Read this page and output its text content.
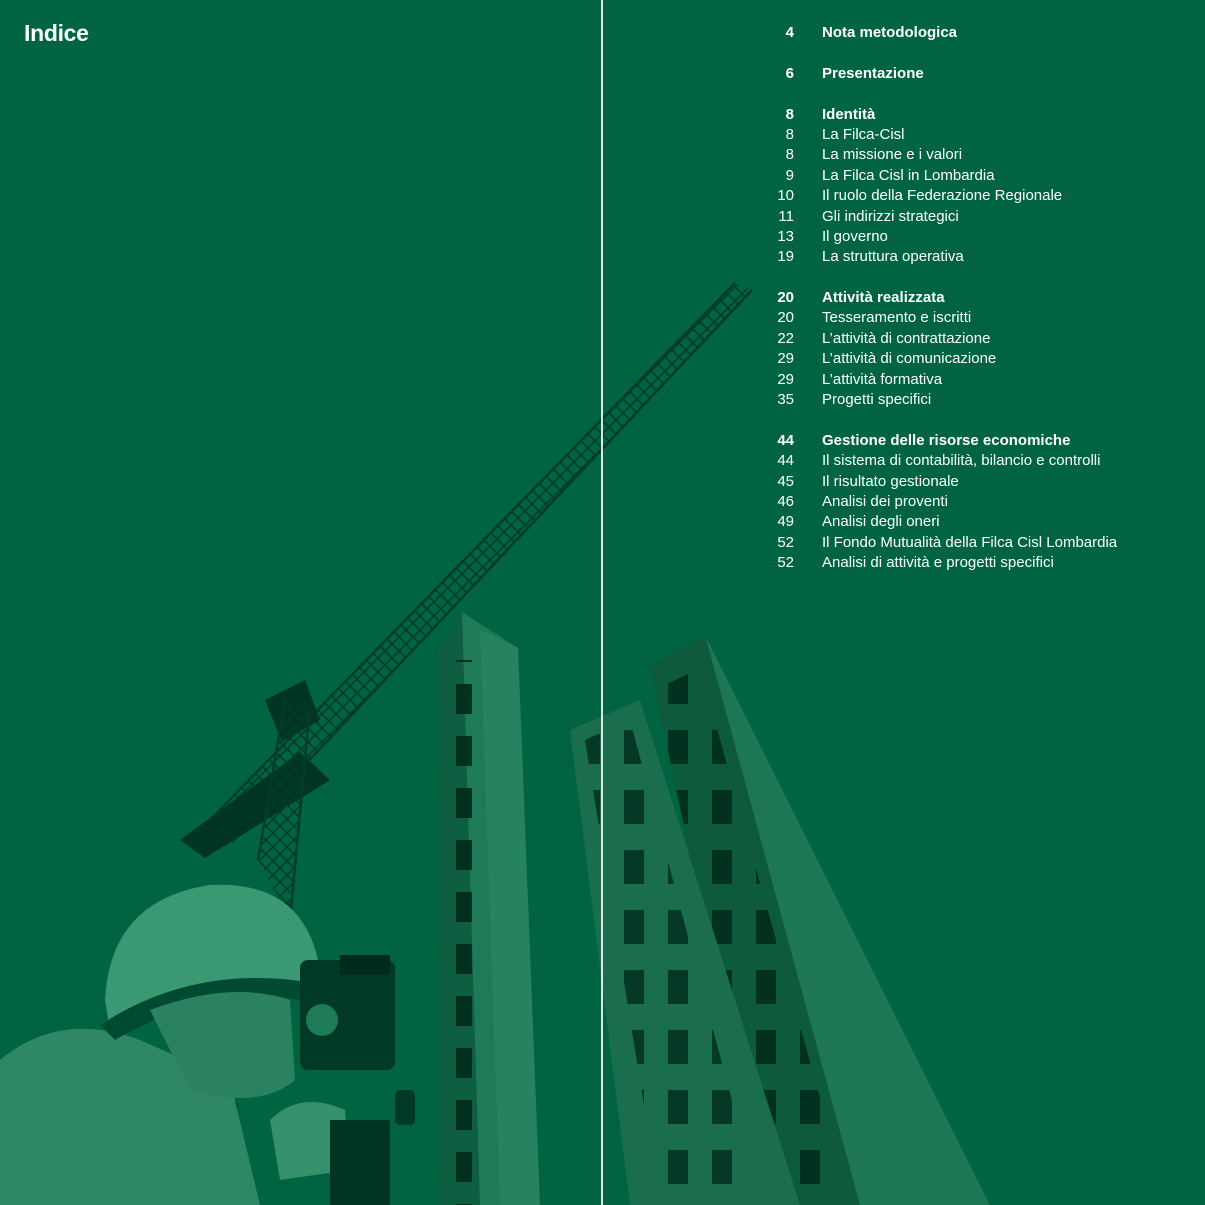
Indice	4 Nota metodologica
6 Presentazione
8 Identità
8 La Filca-Cisl
8 La missione e i valori
9 La Filca Cisl in Lombardia
10 Il ruolo della Federazione Regionale
11 Gli indirizzi strategici
13 Il governo
19 La struttura operativa
20 Attività realizzata
20 Tesseramento e iscritti
22 L’attività di contrattazione
29 L’attività di comunicazione
29 L’attività formativa
35 Progetti specifici
44 Gestione delle risorse economiche
44 Il sistema di contabilità, bilancio e controlli
45 Il risultato gestionale
46 Analisi dei proventi
49 Analisi degli oneri
52 Il Fondo Mutualità della Filca Cisl Lombardia
52 Analisi di attività e progetti specifici
